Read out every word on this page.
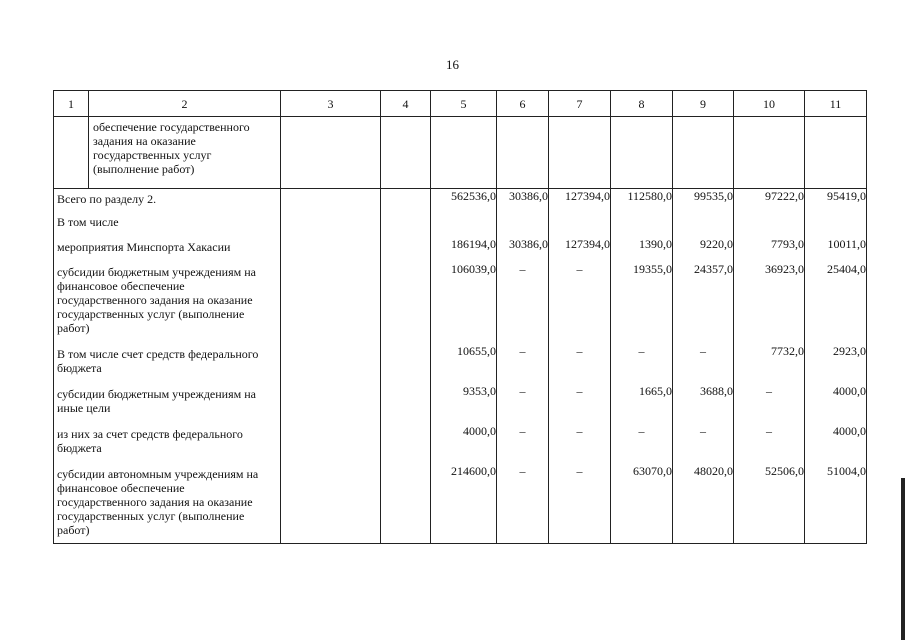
16
1	2	3	4	5	6	7	8	9	10	11

	обеспечение государственного задания на оказание государственных услуг (выполнение работ)									

Всего по разделу 2.				562536,0	30386,0	127394,0	112580,0	99535,0	97222,0	95419,0

В том числе										

мероприятия Минспорта Хакасии				186194,0	30386,0	127394,0	1390,0	9220,0	7793,0	10011,0

субсидии бюджетным учреждениям на финансовое обеспечение государственного задания на оказание государственных услуг (выполнение работ)				106039,0	–	–	19355,0	24357,0	36923,0	25404,0

В том числе счет средств федерального бюджета				10655,0	–	–	–	–	7732,0	2923,0

субсидии бюджетным учреждениям на иные цели				9353,0	–	–	1665,0	3688,0	–	4000,0

из них за счет средств федерального бюджета				4000,0	–	–	–	–	–	4000,0

субсидии автономным учреждениям на финансовое обеспечение государственного задания на оказание государственных услуг (выполнение работ)				214600,0	–	–	63070,0	48020,0	52506,0	51004,0
